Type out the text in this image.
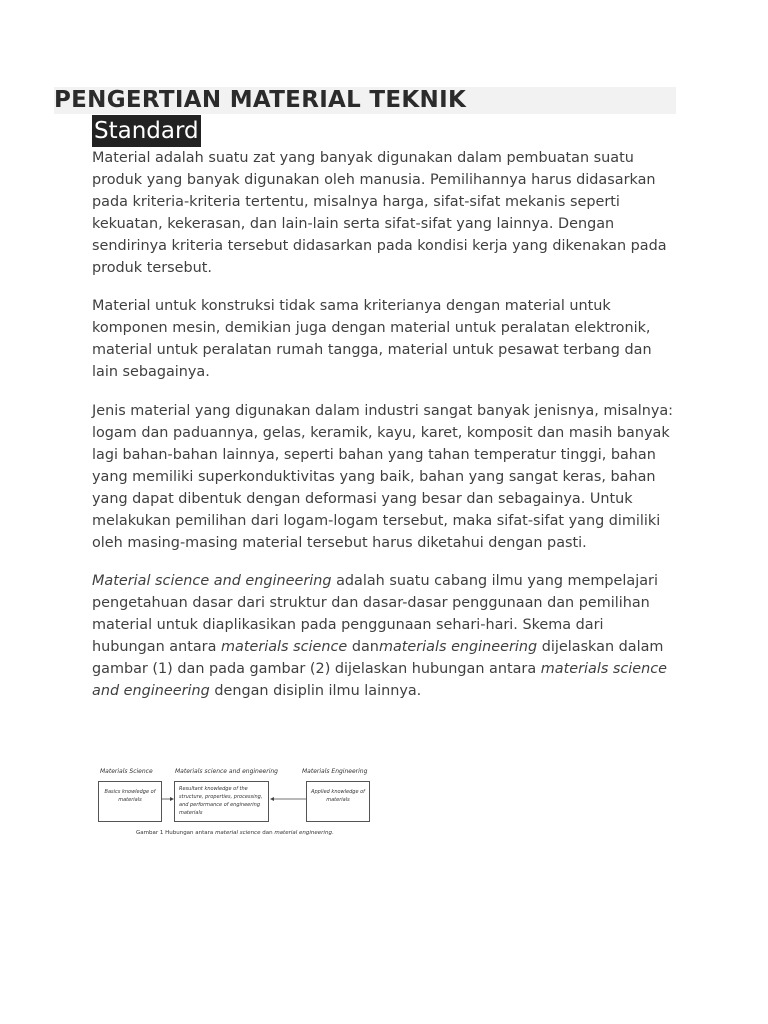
PENGERTIAN MATERIAL TEKNIK
Standard

Material adalah suatu zat yang banyak digunakan dalam pembuatan suatu produk yang banyak digunakan oleh manusia. Pemilihannya harus didasarkan pada kriteria-kriteria tertentu, misalnya harga, sifat-sifat mekanis seperti kekuatan, kekerasan, dan lain-lain serta sifat-sifat yang lainnya. Dengan sendirinya kriteria tersebut didasarkan pada kondisi kerja yang dikenakan pada produk tersebut.

Material untuk konstruksi tidak sama kriterianya dengan material untuk komponen mesin, demikian juga dengan material untuk peralatan elektronik, material untuk peralatan rumah tangga, material untuk pesawat terbang dan lain sebagainya.

Jenis material yang digunakan dalam industri sangat banyak jenisnya, misalnya: logam dan paduannya, gelas, keramik, kayu, karet, komposit dan masih banyak lagi bahan-bahan lainnya, seperti bahan yang tahan temperatur tinggi, bahan yang memiliki superkonduktivitas yang baik, bahan yang sangat keras, bahan yang dapat dibentuk dengan deformasi yang besar dan sebagainya. Untuk melakukan pemilihan dari logam-logam tersebut, maka sifat-sifat yang dimiliki oleh masing-masing material tersebut harus diketahui dengan pasti.

Material science and engineering adalah suatu cabang ilmu yang mempelajari pengetahuan dasar dari struktur dan dasar-dasar penggunaan dan pemilihan material untuk diaplikasikan pada penggunaan sehari-hari. Skema dari hubungan antara materials science danmaterials engineering dijelaskan dalam gambar (1) dan pada gambar (2) dijelaskan hubungan antara materials science and engineering dengan disiplin ilmu lainnya.

Materials Science	Materials science and engineering	Materials Engineering
Basics knowledge of materials
Resultant knowledge of the structure, properties, processing, and performance of engineering materials
Applied knowledge of materials
Gambar 1 Hubungan antara material science dan material engineering.
